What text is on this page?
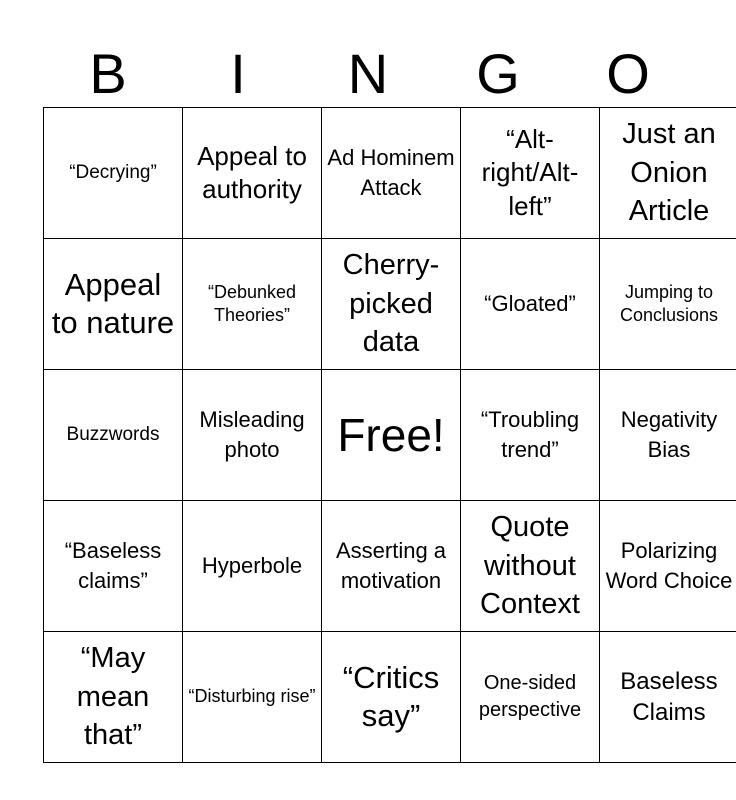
B	I	N	G	O
“Decrying”	Appeal to authority	Ad Hominem Attack	“Alt-right/Alt-left”	Just an Onion Article
Appeal to nature	“Debunked Theories”	Cherry-picked data	“Gloated”	Jumping to Conclusions
Buzzwords	Misleading photo	Free!	“Troubling trend”	Negativity Bias
“Baseless claims”	Hyperbole	Asserting a motivation	Quote without Context	Polarizing Word Choice
“May mean that”	“Disturbing rise”	“Critics say”	One-sided perspective	Baseless Claims
